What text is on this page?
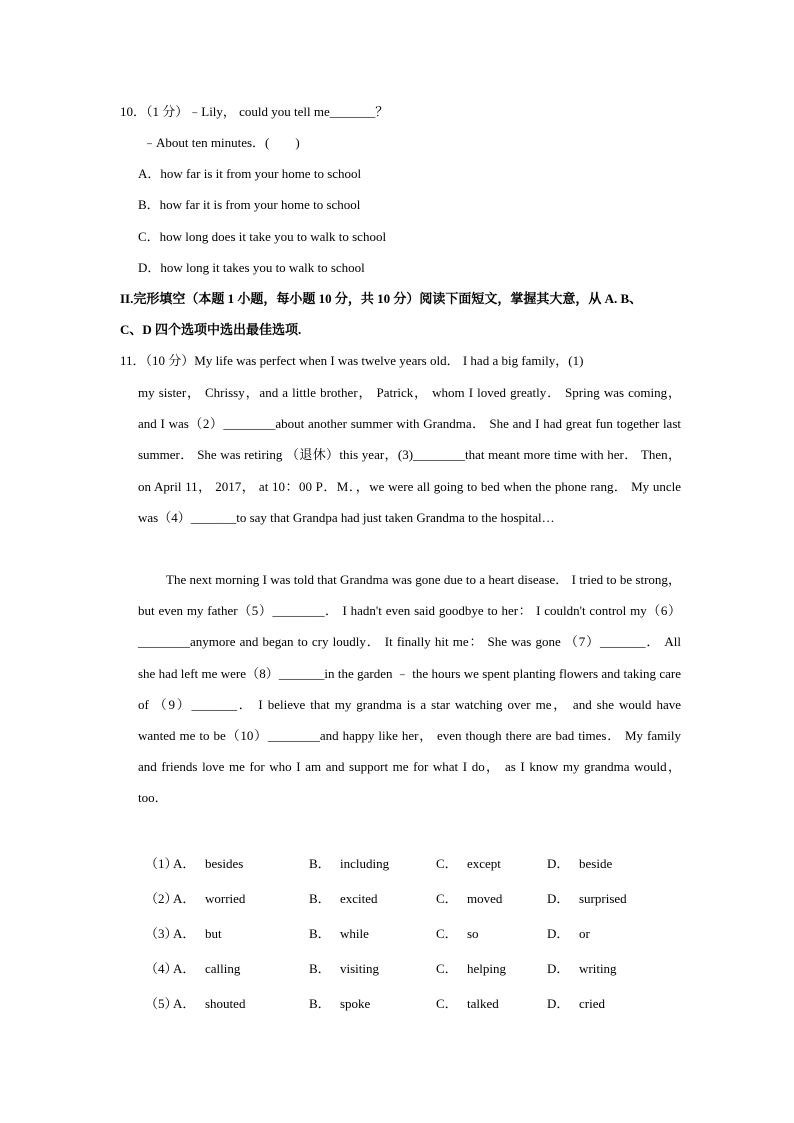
10．（1 分）﹣Lily， could you tell me_______？
﹣About ten minutes．(　　)
A．how far is it from your home to school
B．how far it is from your home to school
C．how long does it take you to walk to school
D．how long it takes you to walk to school
II.完形填空（本题 1 小题，每小题 10 分，共 10 分）阅读下面短文，掌握其大意，从 A. B、
C、D 四个选项中选出最佳选项.
11．（10 分）My life was perfect when I was twelve years old． I had a big family，(1)

my sister， Chrissy，and a little brother， Patrick， whom I loved greatly． Spring was coming， and I was（2）________about another summer with Grandma． She and I had great fun together last summer． She was retiring （退休）this year，(3)________that meant more time with her． Then， on April 11， 2017， at 10：00 P．M．，we were all going to bed when the phone rang． My uncle was（4）_______to say that Grandpa had just taken Grandma to the hospital…

The next morning I was told that Grandma was gone due to a heart disease． I tried to be strong，but even my father（5）________． I hadn't even said goodbye to her： I couldn't control my（6）________anymore and began to cry loudly． It finally hit me： She was gone （7）_______． All she had left me were（8）_______in the garden ﹣ the hours we spent planting flowers and taking care of （9）_______． I believe that my grandma is a star watching over me， and she would have wanted me to be（10）________and happy like her， even though there are bad times． My family and friends love me for who I am and support me for what I do， as I know my grandma would， too．

（1）
A． besides	B． including	C． except	D． beside
（2）
A． worried	B． excited	C． moved	D． surprised
（3）
A． but	B． while	C． so	D． or
（4）
A． calling	B． visiting	C． helping	D． writing
（5）
A． shouted	B． spoke	C． talked	D． cried
